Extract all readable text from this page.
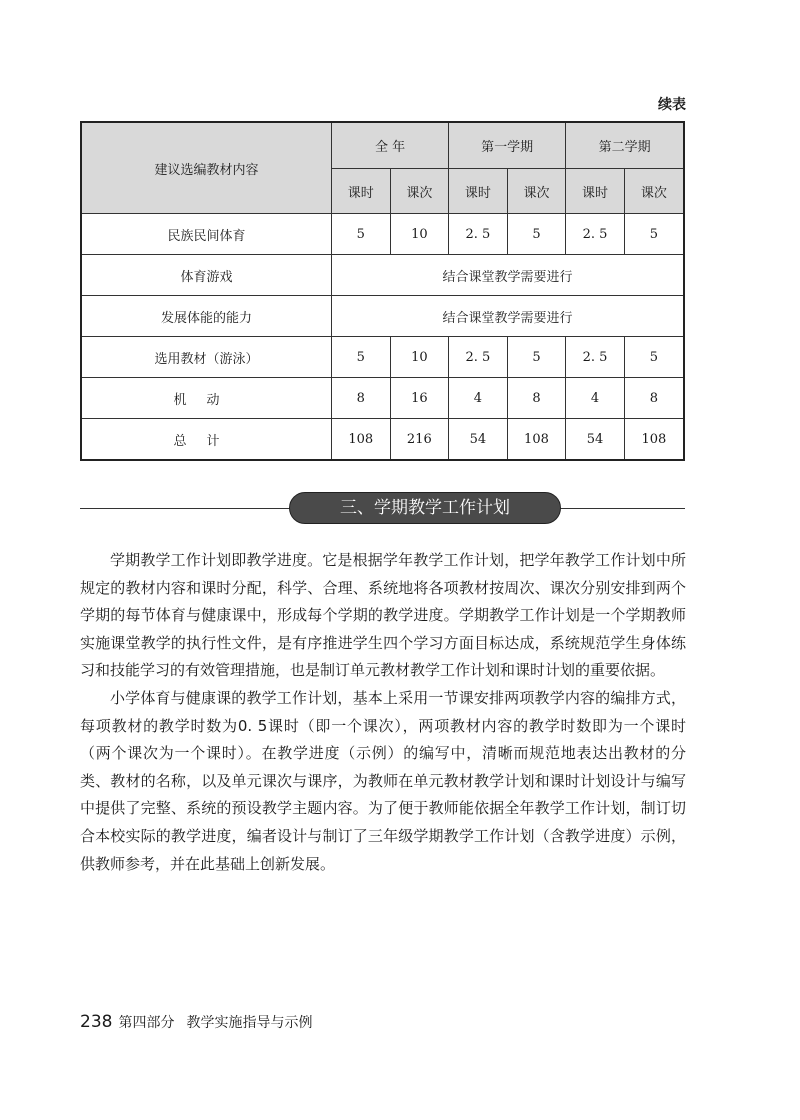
续表
建议选编教材内容	全 年		第一学期		第二学期	
	课时	课次	课时	课次	课时	课次
民族民间体育	5	10	2. 5	5	2. 5	5
体育游戏	结合课堂教学需要进行					
发展体能的能力	结合课堂教学需要进行					
选用教材（游泳）	5	10	2. 5	5	2. 5	5
机动	8	16	4	8	4	8
总计	108	216	54	108	54	108
三、学期教学工作计划

学期教学工作计划即教学进度。它是根据学年教学工作计划，把学年教学工作计划中所规定的教材内容和课时分配，科学、合理、系统地将各项教材按周次、课次分别安排到两个学期的每节体育与健康课中，形成每个学期的教学进度。学期教学工作计划是一个学期教师实施课堂教学的执行性文件，是有序推进学生四个学习方面目标达成，系统规范学生身体练习和技能学习的有效管理措施，也是制订单元教材教学工作计划和课时计划的重要依据。

小学体育与健康课的教学工作计划，基本上采用一节课安排两项教学内容的编排方式，每项教材的教学时数为0. 5课时（即一个课次），两项教材内容的教学时数即为一个课时（两个课次为一个课时）。在教学进度（示例）的编写中，清晰而规范地表达出教材的分类、教材的名称，以及单元课次与课序，为教师在单元教材教学计划和课时计划设计与编写中提供了完整、系统的预设教学主题内容。为了便于教师能依据全年教学工作计划，制订切合本校实际的教学进度，编者设计与制订了三年级学期教学工作计划（含教学进度）示例，供教师参考，并在此基础上创新发展。

238 第四部分 教学实施指导与示例
